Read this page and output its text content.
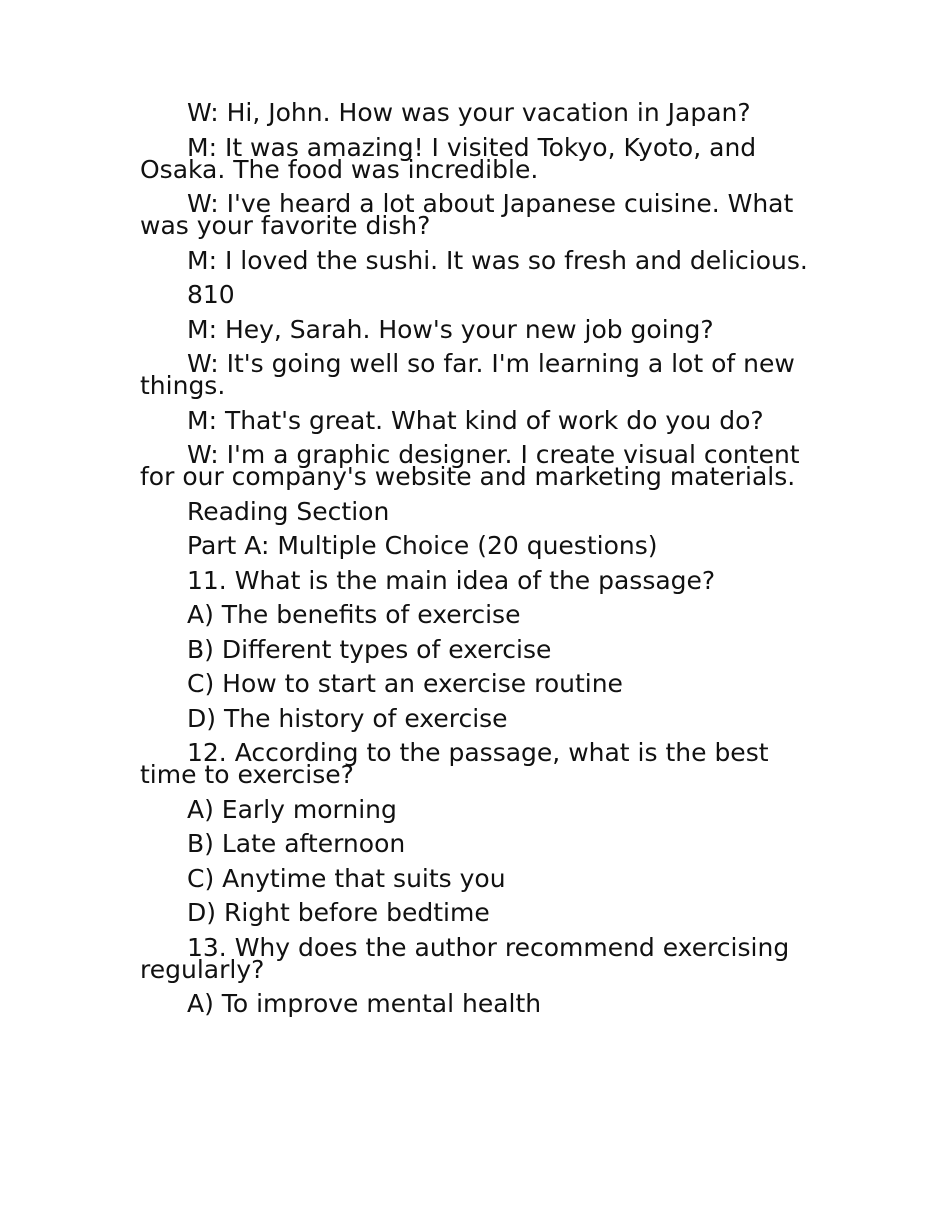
W: Hi, John. How was your vacation in Japan?

M: It was amazing! I visited Tokyo, Kyoto, and Osaka. The food was incredible.

W: I've heard a lot about Japanese cuisine. What was your favorite dish?

M: I loved the sushi. It was so fresh and delicious.

810

M: Hey, Sarah. How's your new job going?

W: It's going well so far. I'm learning a lot of new things.

M: That's great. What kind of work do you do?

W: I'm a graphic designer. I create visual content for our company's website and marketing materials.

Reading Section

Part A: Multiple Choice (20 questions)

11. What is the main idea of the passage?

A) The benefits of exercise

B) Different types of exercise

C) How to start an exercise routine

D) The history of exercise

12. According to the passage, what is the best time to exercise?

A) Early morning

B) Late afternoon

C) Anytime that suits you

D) Right before bedtime

13. Why does the author recommend exercising regularly?

A) To improve mental health
